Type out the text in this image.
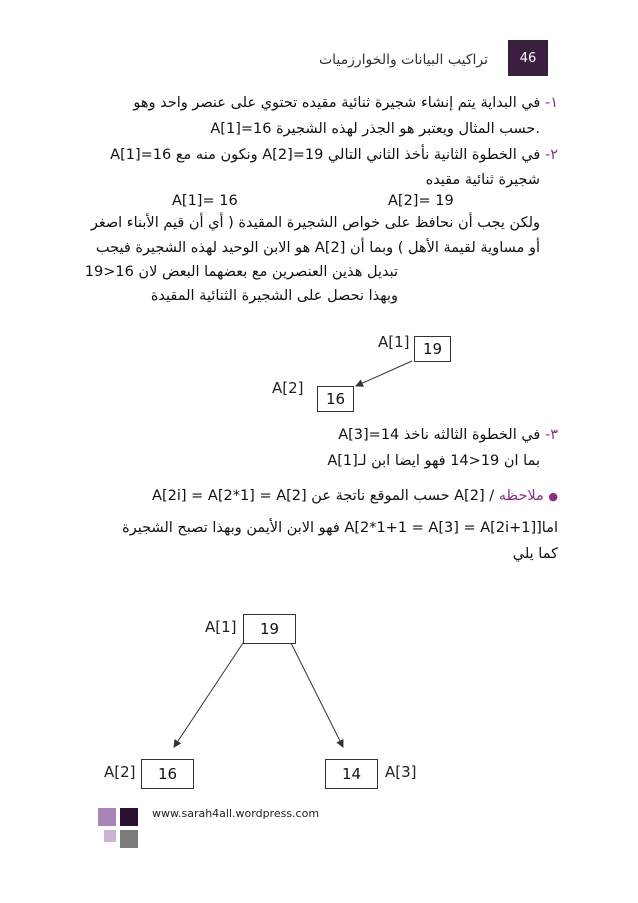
تراكيب البيانات والخوارزميات	46
١- في البداية يتم إنشاء شجيرة ثنائية مقيده تحتوي على عنصر واحد وهو
A[1]=16 حسب المثال ويعتبر هو الجذر لهذه الشجيرة.
٢- في الخطوة الثانية نأخذ الثاني التالي A[2]=19 ونكون منه مع A[1]=16
شجيرة ثنائية مقيده
A[2]= 19
A[1]= 16
ولكن يجب أن نحافظ على خواص الشجيرة المقيدة ( أي أن قيم الأبناء اصغر
أو مساوية لقيمة الأهل ) وبما أن A[2] هو الابن الوحيد لهذه الشجيرة فيجب
تبديل هذين العنصرين مع بعضهما البعض لان 16<19
وبهذا نحصل على الشجيرة الثنائية المقيدة
A[1] 19
A[2]
16
٣- في الخطوة الثالثه ناخذ A[3]=14
بما ان 19<14 فهو ايضا ابن لـA[1]
● ملاحظه / A[2] حسب الموقع ناتجة عن A[2i] = A[2*1] = A[2]
اما[A[2*1+1 = A[3] = A[2i+1] فهو الابن الأيمن وبهذا تصبح الشجيرة
كما يلي
A[1]	19
A[2]	16	14	A[3]
www.sarah4all.wordpress.com
